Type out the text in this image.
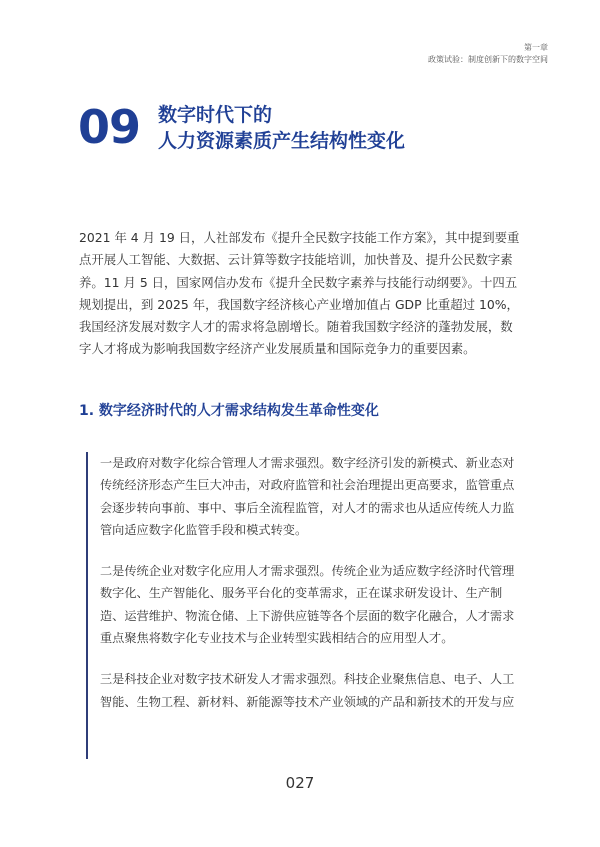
第一章
政策试验：制度创新下的数字空间
09 数字时代下的
人力资源素质产生结构性变化

2021 年 4 月 19 日，人社部发布《提升全民数字技能工作方案》，其中提到要重点开展人工智能、大数据、云计算等数字技能培训，加快普及、提升公民数字素养。11 月 5 日，国家网信办发布《提升全民数字素养与技能行动纲要》。十四五规划提出，到 2025 年，我国数字经济核心产业增加值占 GDP 比重超过 10%，我国经济发展对数字人才的需求将急剧增长。随着我国数字经济的蓬勃发展，数字人才将成为影响我国数字经济产业发展质量和国际竞争力的重要因素。

1. 数字经济时代的人才需求结构发生革命性变化

一是政府对数字化综合管理人才需求强烈。数字经济引发的新模式、新业态对传统经济形态产生巨大冲击，对政府监管和社会治理提出更高要求，监管重点会逐步转向事前、事中、事后全流程监管，对人才的需求也从适应传统人力监管向适应数字化监管手段和模式转变。

二是传统企业对数字化应用人才需求强烈。传统企业为适应数字经济时代管理数字化、生产智能化、服务平台化的变革需求，正在谋求研发设计、生产制造、运营维护、物流仓储、上下游供应链等各个层面的数字化融合，人才需求重点聚焦将数字化专业技术与企业转型实践相结合的应用型人才。

三是科技企业对数字技术研发人才需求强烈。科技企业聚焦信息、电子、人工智能、生物工程、新材料、新能源等技术产业领域的产品和新技术的开发与应

027
